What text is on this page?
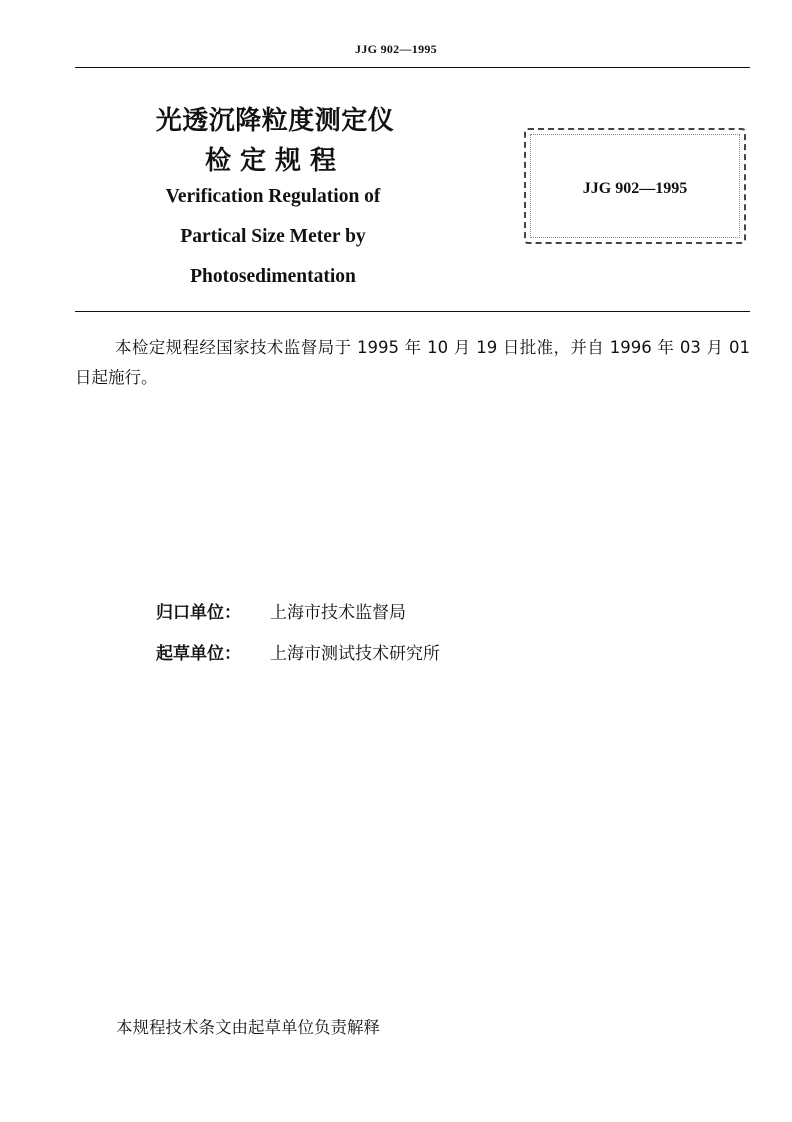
JJG 902—1995
光透沉降粒度测定仪
检定规程
Verification Regulation of
Partical Size Meter by
Photosedimentation
JJG 902—1995
本检定规程经国家技术监督局于 1995 年 10 月 19 日批准，并自 1996 年 03 月 01 日起施行。
归口单位： 上海市技术监督局
起草单位： 上海市测试技术研究所
本规程技术条文由起草单位负责解释
